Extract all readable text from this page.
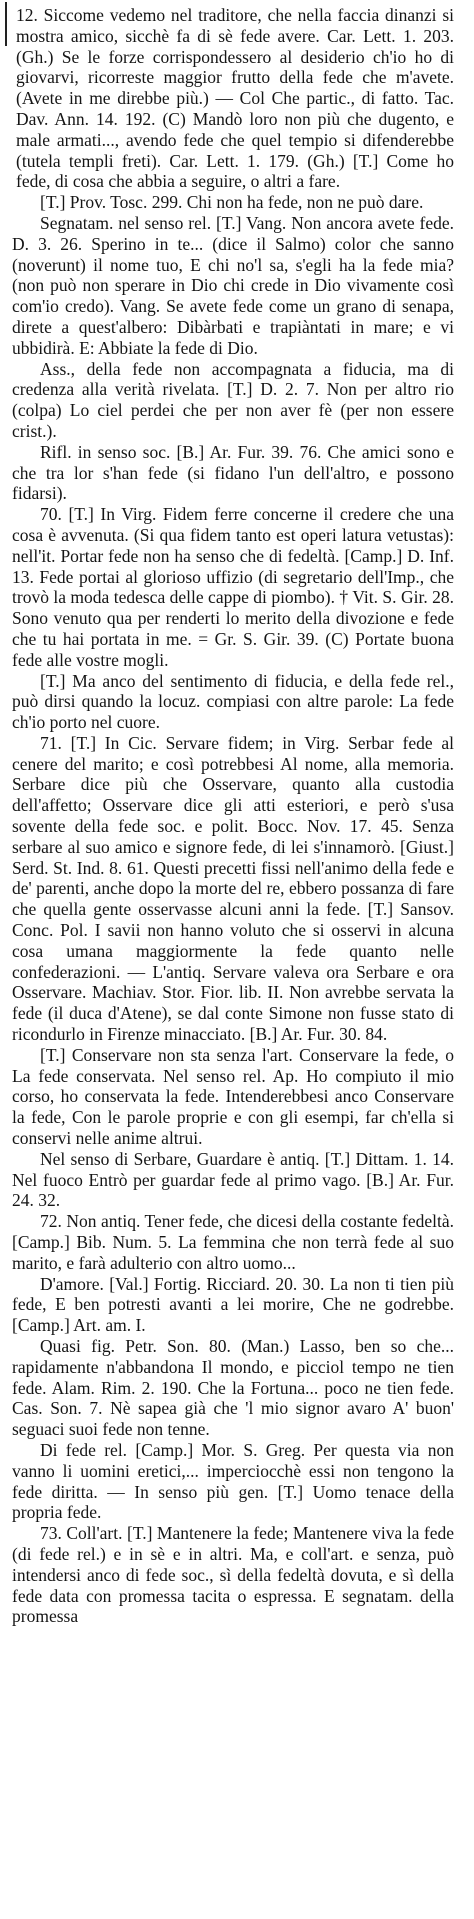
12. Siccome vedemo nel traditore, che nella faccia dinanzi si mostra amico, sicchè fa di sè fede avere. Car. Lett. 1. 203. (Gh.) Se le forze corrispondessero al desiderio ch'io ho di giovarvi, ricorreste maggior frutto della fede che m'avete. (Avete in me direbbe più.) — Col Che partic., di fatto. Tac. Dav. Ann. 14. 192. (C) Mandò loro non più che dugento, e male armati..., avendo fede che quel tempio si difenderebbe (tutela templi freti). Car. Lett. 1. 179. (Gh.) [T.] Come ho fede, di cosa che abbia a seguire, o altri a fare.

[T.] Prov. Tosc. 299. Chi non ha fede, non ne può dare.

Segnatam. nel senso rel. [T.] Vang. Non ancora avete fede. D. 3. 26. Sperino in te... (dice il Salmo) color che sanno (noverunt) il nome tuo, E chi no'l sa, s'egli ha la fede mia? (non può non sperare in Dio chi crede in Dio vivamente così com'io credo). Vang. Se avete fede come un grano di senapa, direte a quest'albero: Dibàrbati e trapiàntati in mare; e vi ubbidirà. E: Abbiate la fede di Dio.

Ass., della fede non accompagnata a fiducia, ma di credenza alla verità rivelata. [T.] D. 2. 7. Non per altro rio (colpa) Lo ciel perdei che per non aver fè (per non essere crist.).

Rifl. in senso soc. [B.] Ar. Fur. 39. 76. Che amici sono e che tra lor s'han fede (si fidano l'un dell'altro, e possono fidarsi).

70. [T.] In Virg. Fidem ferre concerne il credere che una cosa è avvenuta. (Si qua fidem tanto est operi latura vetustas): nell'it. Portar fede non ha senso che di fedeltà. [Camp.] D. Inf. 13. Fede portai al glorioso uffizio (di segretario dell'Imp., che trovò la moda tedesca delle cappe di piombo). † Vit. S. Gir. 28. Sono venuto qua per renderti lo merito della divozione e fede che tu hai portata in me. = Gr. S. Gir. 39. (C) Portate buona fede alle vostre mogli.

[T.] Ma anco del sentimento di fiducia, e della fede rel., può dirsi quando la locuz. compiasi con altre parole: La fede ch'io porto nel cuore.

71. [T.] In Cic. Servare fidem; in Virg. Serbar fede al cenere del marito; e così potrebbesi Al nome, alla memoria. Serbare dice più che Osservare, quanto alla custodia dell'affetto; Osservare dice gli atti esteriori, e però s'usa sovente della fede soc. e polit. Bocc. Nov. 17. 45. Senza serbare al suo amico e signore fede, di lei s'innamorò. [Giust.] Serd. St. Ind. 8. 61. Questi precetti fissi nell'animo della fede e de' parenti, anche dopo la morte del re, ebbero possanza di fare che quella gente osservasse alcuni anni la fede. [T.] Sansov. Conc. Pol. I savii non hanno voluto che si osservi in alcuna cosa umana maggiormente la fede quanto nelle confederazioni. — L'antiq. Servare valeva ora Serbare e ora Osservare. Machiav. Stor. Fior. lib. II. Non avrebbe servata la fede (il duca d'Atene), se dal conte Simone non fusse stato di ricondurlo in Firenze minacciato. [B.] Ar. Fur. 30. 84.

[T.] Conservare non sta senza l'art. Conservare la fede, o La fede conservata. Nel senso rel. Ap. Ho compiuto il mio corso, ho conservata la fede. Intenderebbesi anco Conservare la fede, Con le parole proprie e con gli esempi, far ch'ella si conservi nelle anime altrui.

Nel senso di Serbare, Guardare è antiq. [T.] Dittam. 1. 14. Nel fuoco Entrò per guardar fede al primo vago. [B.] Ar. Fur. 24. 32.

72. Non antiq. Tener fede, che dicesi della costante fedeltà. [Camp.] Bib. Num. 5. La femmina che non terrà fede al suo marito, e farà adulterio con altro uomo...

D'amore. [Val.] Fortig. Ricciard. 20. 30. La non ti tien più fede, E ben potresti avanti a lei morire, Che ne godrebbe. [Camp.] Art. am. I.

Quasi fig. Petr. Son. 80. (Man.) Lasso, ben so che... rapidamente n'abbandona Il mondo, e picciol tempo ne tien fede. Alam. Rim. 2. 190. Che la Fortuna... poco ne tien fede. Cas. Son. 7. Nè sapea già che 'l mio signor avaro A' buon' seguaci suoi fede non tenne.

Di fede rel. [Camp.] Mor. S. Greg. Per questa via non vanno li uomini eretici,... imperciocchè essi non tengono la fede diritta. — In senso più gen. [T.] Uomo tenace della propria fede.

73. Coll'art. [T.] Mantenere la fede; Mantenere viva la fede (di fede rel.) e in sè e in altri. Ma, e coll'art. e senza, può intendersi anco di fede soc., sì della fedeltà dovuta, e sì della fede data con promessa tacita o espressa. E segnatam. della promessa
